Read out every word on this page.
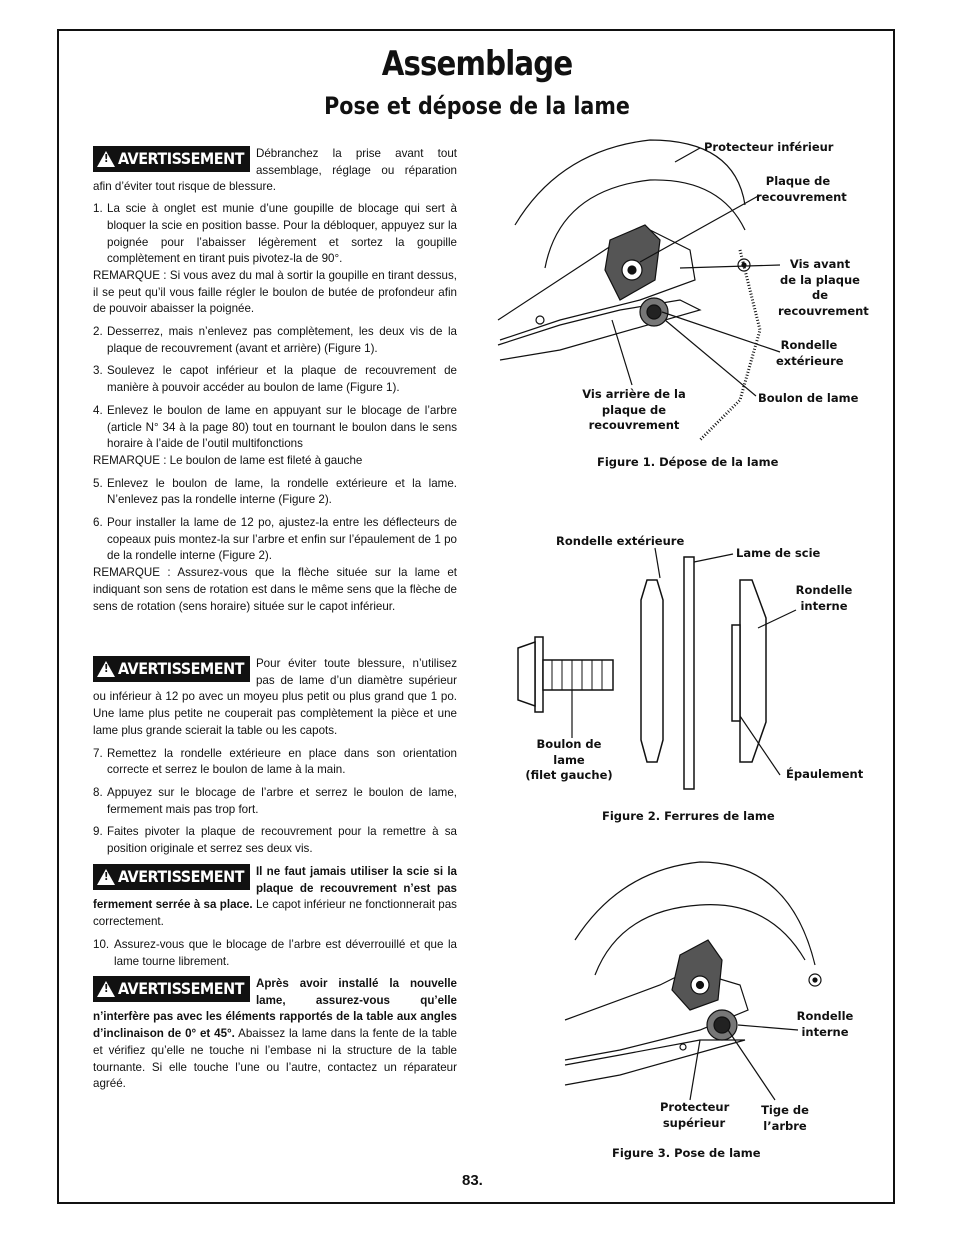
Assemblage
Pose et dépose de la lame

!AVERTISSEMENT	Débranchez la prise avant tout assemblage, réglage ou réparation afin d’éviter tout risque de blessure.

1. La scie à onglet est munie d’une goupille de blocage qui sert à bloquer la scie en position basse. Pour la débloquer, appuyez sur la poignée pour l’abaisser légèrement et sortez la goupille complètement en tirant puis pivotez-la de 90°.

REMARQUE : Si vous avez du mal à sortir la goupille en tirant dessus, il se peut qu’il vous faille régler le boulon de butée de profondeur afin de pouvoir abaisser la poignée.

2. Desserrez, mais n’enlevez pas complètement, les deux vis de la plaque de recouvrement (avant et arrière) (Figure 1).
3. Soulevez le capot inférieur et la plaque de recouvrement de manière à pouvoir accéder au boulon de lame (Figure 1).
4. Enlevez le boulon de lame en appuyant sur le blocage de l’arbre (article N° 34 à la page 80) tout en tournant le boulon dans le sens horaire à l’aide de l’outil multifonctions

REMARQUE : Le boulon de lame est fileté à gauche

5. Enlevez le boulon de lame, la rondelle extérieure et la lame. N’enlevez pas la rondelle interne (Figure 2).
6. Pour installer la lame de 12 po, ajustez-la entre les déflecteurs de copeaux puis montez-la sur l’arbre et enfin sur l’épaulement de 1 po de la rondelle interne (Figure 2).

REMARQUE : Assurez-vous que la flèche située sur la lame et indiquant son sens de rotation est dans le même sens que la flèche de sens de rotation (sens horaire) située sur le capot inférieur.

!AVERTISSEMENT	Pour éviter toute blessure, n’utilisez pas de lame d’un diamètre supérieur ou inférieur à 12 po avec un moyeu plus petit ou plus grand que 1 po. Une lame plus petite ne couperait pas complètement la pièce et une lame plus grande scierait la table ou les capots.

7. Remettez la rondelle extérieure en place dans son orientation correcte et serrez le boulon de lame à la main.
8. Appuyez sur le blocage de l’arbre et serrez le boulon de lame, fermement mais pas trop fort.
9. Faites pivoter la plaque de recouvrement pour la remettre à sa position originale et serrez ses deux vis.

!AVERTISSEMENT	Il ne faut jamais utiliser la scie si la plaque de recouvrement n’est pas fermement serrée à sa place. Le capot inférieur ne fonctionnerait pas correctement.

10. Assurez-vous que le blocage de l’arbre est déverrouillé et que la lame tourne librement.

!AVERTISSEMENT	Après avoir installé la nouvelle lame, assurez-vous qu’elle n’interfère pas avec les éléments rapportés de la table aux angles d’inclinaison de 0° et 45°. Abaissez la lame dans la fente de la table et vérifiez qu’elle ne touche ni l’embase ni la structure de la table tournante. Si elle touche l’une ou l’autre, contactez un réparateur agréé.

Protecteur inférieur
Plaque de
recouvrement
Vis avant
de la plaque
de
recouvrement
Rondelle
extérieure
Boulon de lame
Vis arrière de la
plaque de
recouvrement
Figure 1. Dépose de la lame
Rondelle extérieure
Lame de scie
Rondelle
interne
Boulon de lame
(filet gauche)	Épaulement
Figure 2. Ferrures de lame
Rondelle
interne
Protecteur
supérieur
Tige de
l’arbre
Figure 3. Pose de lame
83.
